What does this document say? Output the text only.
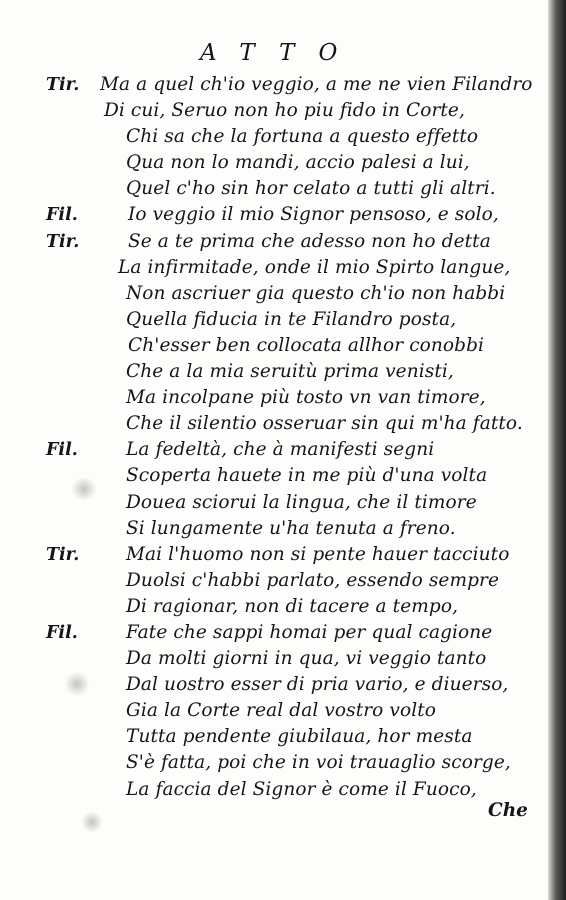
ATTO
Tir. Ma a quel ch'io veggio, a me ne vien Filandro
Di cui, Seruo non ho piu fido in Corte,
Chi sa che la fortuna a questo effetto
Qua non lo mandi, accio palesi a lui,
Quel c'ho sin hor celato a tutti gli altri.
Fil.	Io veggio il mio Signor pensoso, e solo,
Tir.	Se a te prima che adesso non ho detta
La infirmitade, onde il mio Spirto langue,
Non ascriuer gia questo ch'io non habbi
Quella fiducia in te Filandro posta,
Ch'esser ben collocata allhor conobbi
Che a la mia seruitù prima venisti,
Ma incolpane più tosto vn van timore,
Che il silentio osseruar sin qui m'ha fatto.
Fil.	La fedeltà, che à manifesti segni
Scoperta hauete in me più d'una volta
Douea sciorui la lingua, che il timore
Si lungamente u'ha tenuta a freno.
Tir.	Mai l'huomo non si pente hauer tacciuto
Duolsi c'habbi parlato, essendo sempre
Di ragionar, non di tacere a tempo,
Fil.	Fate che sappi homai per qual cagione
Da molti giorni in qua, vi veggio tanto
Dal uostro esser di pria vario, e diuerso,
Gia la Corte real dal vostro volto
Tutta pendente giubilaua, hor mesta
S'è fatta, poi che in voi trauaglio scorge,
La faccia del Signor è come il Fuoco,
Che
